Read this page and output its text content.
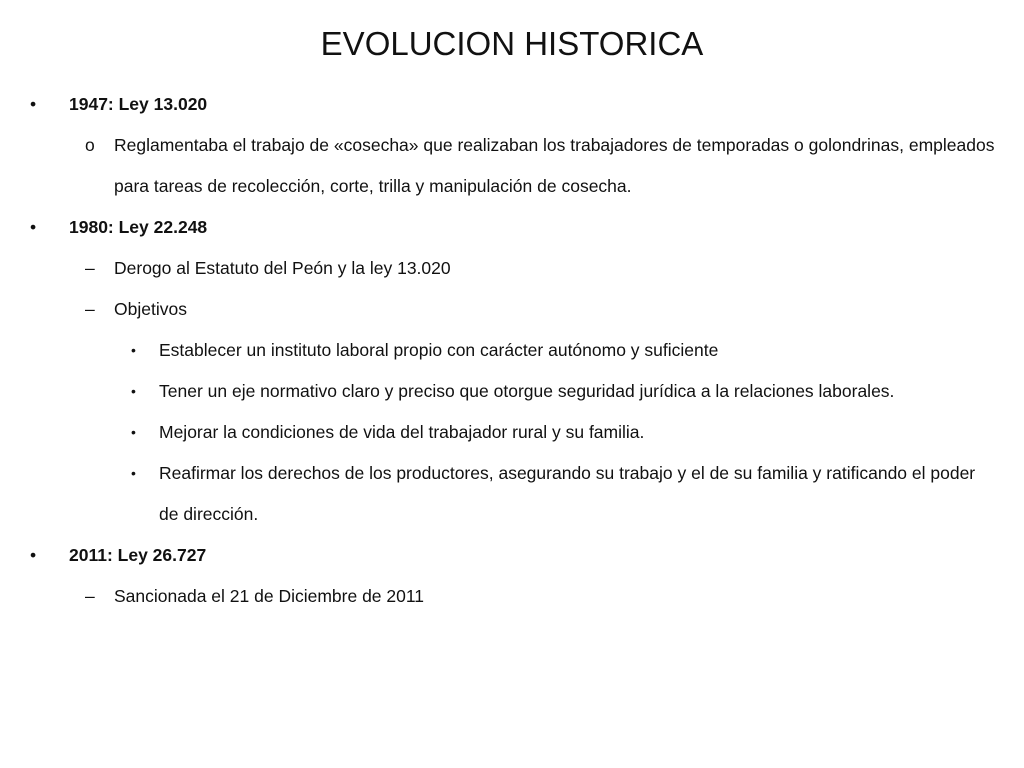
EVOLUCION HISTORICA
• 1947: Ley 13.020
o Reglamentaba el trabajo de «cosecha» que realizaban los trabajadores de temporadas o golondrinas, empleados para tareas de recolección, corte, trilla y manipulación de cosecha.
• 1980: Ley 22.248
– Derogo al Estatuto del Peón y la ley 13.020
– Objetivos
• Establecer un instituto laboral propio con carácter autónomo y suficiente
• Tener un eje normativo claro y preciso que otorgue seguridad jurídica a la relaciones laborales.
• Mejorar la condiciones de vida del trabajador rural y su familia.
• Reafirmar los derechos de los productores, asegurando su trabajo y el de su familia y ratificando el poder de dirección.
• 2011: Ley 26.727
– Sancionada el 21 de Diciembre de 2011
